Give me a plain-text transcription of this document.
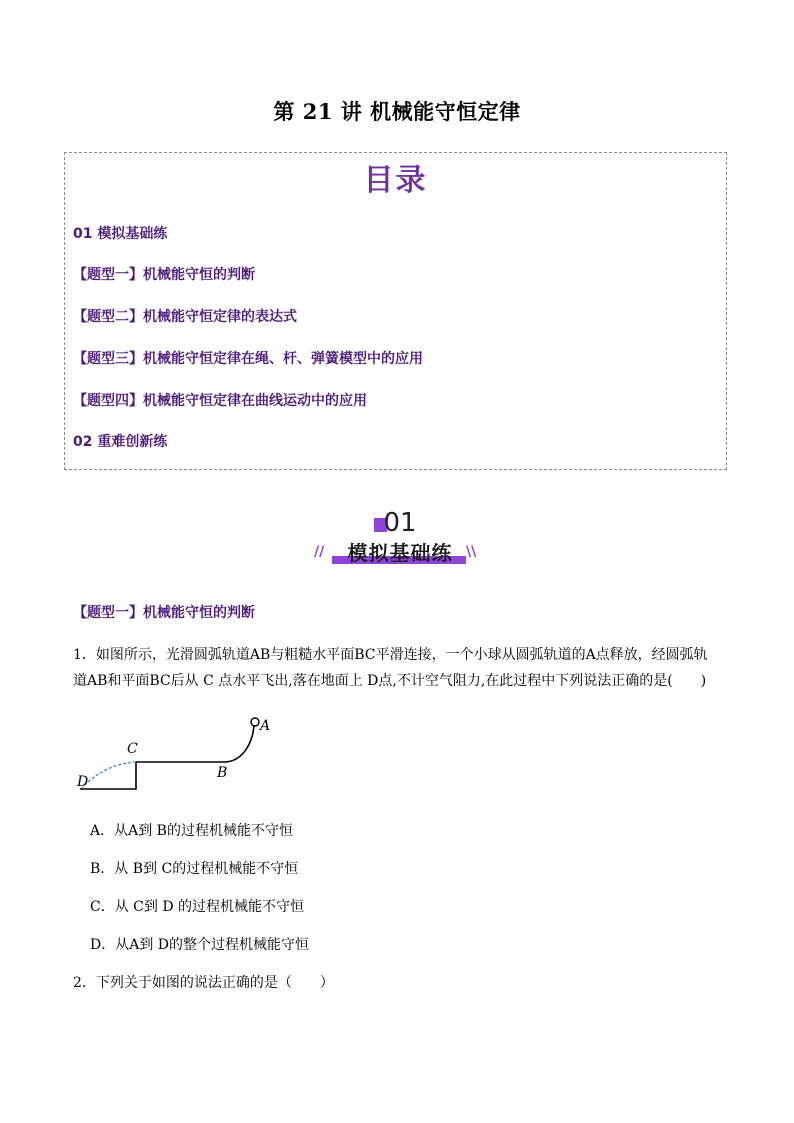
第 21 讲 机械能守恒定律
目录
01 模拟基础练
【题型一】机械能守恒的判断
【题型二】机械能守恒定律的表达式
【题型三】机械能守恒定律在绳、杆、弹簧模型中的应用
【题型四】机械能守恒定律在曲线运动中的应用
02 重难创新练
01
//	模拟基础练 \\
【题型一】机械能守恒的判断
1．如图所示，光滑圆弧轨道AB与粗糙水平面BC平滑连接，一个小球从圆弧轨道的A点释放，经圆弧轨
道AB和平面BC后从 C 点水平飞出,落在地面上 D点,不计空气阻力,在此过程中下列说法正确的是(　　)
A
B
C
D
A．从A到 B的过程机械能不守恒
B．从 B到 C的过程机械能不守恒
C．从 C到 D 的过程机械能不守恒
D．从A到 D的整个过程机械能守恒
2．下列关于如图的说法正确的是（　　）
